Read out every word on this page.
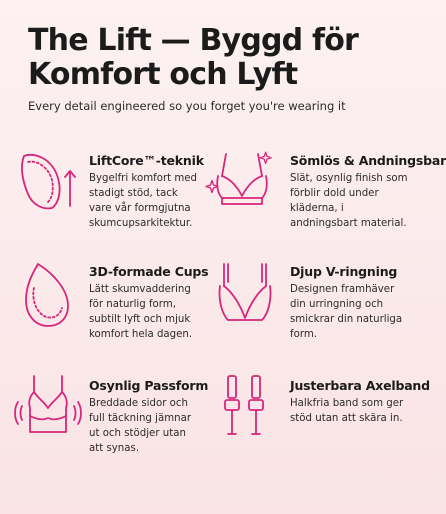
The Lift — Byggd för Komfort och Lyft
Every detail engineered so you forget you're wearing it
LiftCore™-teknik
Bygelfri komfort med stadigt stöd, tack vare vår formgjutna skumcupsarkitektur.
Sömlös & Andningsbar
Slät, osynlig finish som förblir dold under kläderna, i andningsbart material.
3D-formade Cups
Lätt skumvaddering för naturlig form, subtilt lyft och mjuk komfort hela dagen.
Djup V-ringning
Designen framhäver din urringning och smickrar din naturliga form.
Osynlig Passform
Breddade sidor och full täckning jämnar ut och stödjer utan att synas.
Justerbara Axelband
Halkfria band som ger stöd utan att skära in.
